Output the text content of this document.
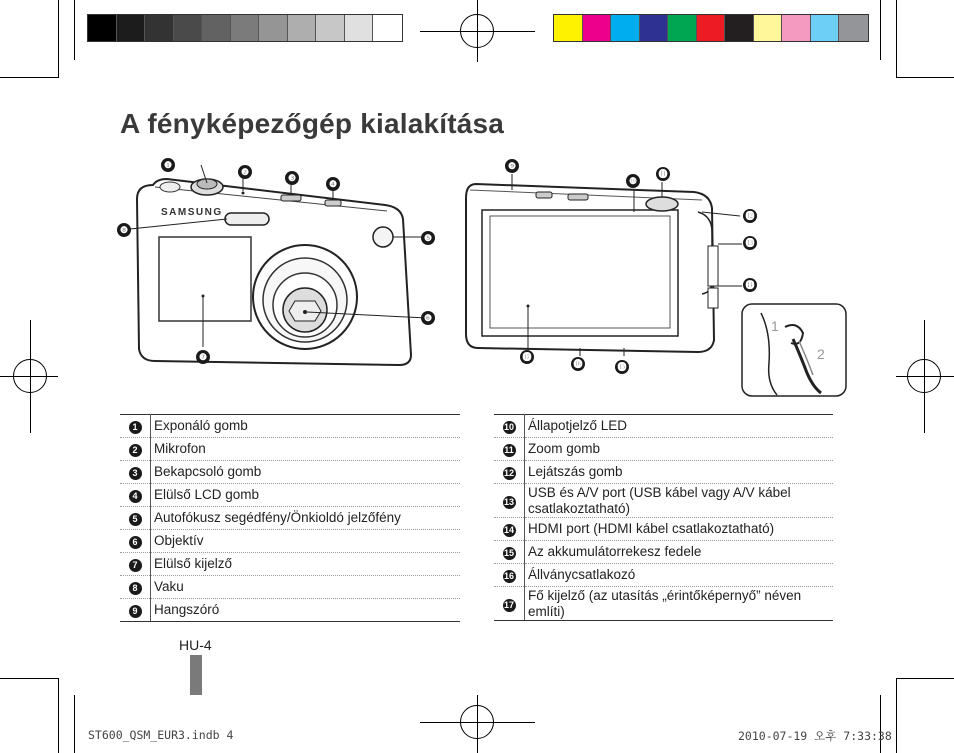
A fényképezőgép kialakítása
SAMSUNG
1
2
❶
❷
❸
❹
❺
❻
❼
❽
❾
❿
⓫
⓬
⓭
⓮
⓯
⓰
⓱
1	Exponáló gomb
2	Mikrofon
3	Bekapcsoló gomb
4	Elülső LCD gomb
5	Autofókusz segédfény/Önkioldó jelzőfény
6	Objektív
7	Elülső kijelző
8	Vaku
9	Hangszóró
10	Állapotjelző LED
11	Zoom gomb
12	Lejátszás gomb
13	USB és A/V port (USB kábel vagy A/V kábel csatlakoztatható)
14	HDMI port (HDMI kábel csatlakoztatható)
15	Az akkumulátorrekesz fedele
16	Állványcsatlakozó
17	Fő kijelző (az utasítás „érintőképernyő” néven említi)
HU-4
ST600_QSM_EUR3.indb 4	2010-07-19 오후 7:33:38
